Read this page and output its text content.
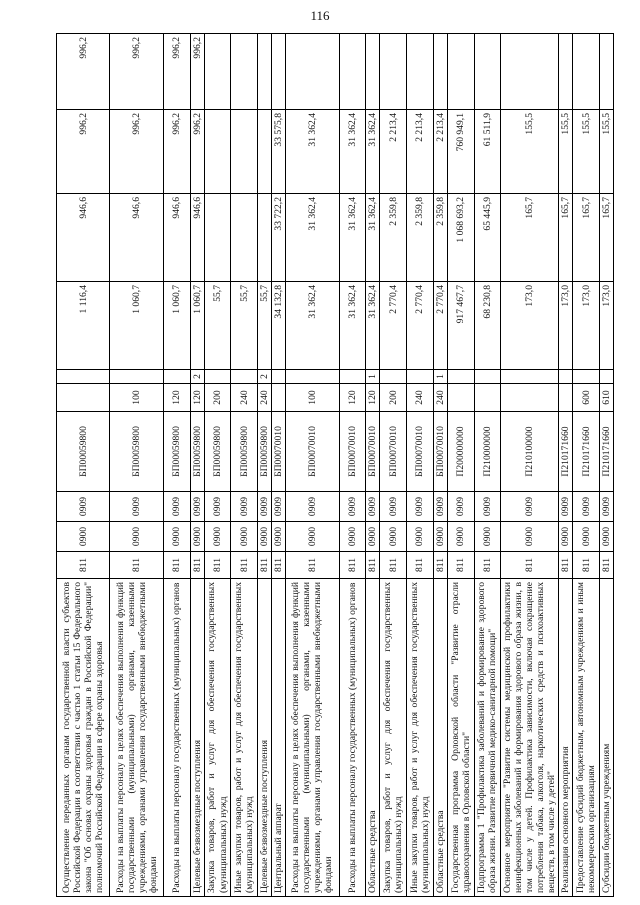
116
Осуществление переданных органам государственной власти субъектов Российской Федерации в соответствии с частью 1 статьи 15 Федерального закона "Об основах охраны здоровья граждан в Российской Федерации" полномочий Российской Федерации в сфере охраны здоровья	811	0900	0909	БП00059800			1 116,4	946,6	996,2	996,2
Расходы на выплаты персоналу в целях обеспечения выполнения функций государственными (муниципальными) органами, казенными учреждениями, органами управления государственными внебюджетными фондами	811	0900	0909	БП00059800	100		1 060,7	946,6	996,2	996,2
Расходы на выплаты персоналу государственных (муниципальных) органов	811	0900	0909	БП00059800	120		1 060,7	946,6	996,2	996,2
Целевые безвозмездные поступления	811	0900	0909	БП00059800	120	2	1 060,7	946,6	996,2	996,2
Закупка товаров, работ и услуг для обеспечения государственных (муниципальных) нужд	811	0900	0909	БП00059800	200		55,7			
Иные закупки товаров, работ и услуг для обеспечения государственных (муниципальных) нужд	811	0900	0909	БП00059800	240		55,7			
Целевые безвозмездные поступления	811	0900	0909	БП00059800	240	2	55,7			
Центральный аппарат	811	0900	0909	БП00070010			34 132,8	33 722,2	33 575,8	
Расходы на выплаты персоналу в целях обеспечения выполнения функций государственными (муниципальными) органами, казенными учреждениями, органами управления государственными внебюджетными фондами	811	0900	0909	БП00070010	100		31 362,4	31 362,4	31 362,4	
Расходы на выплаты персоналу государственных (муниципальных) органов	811	0900	0909	БП00070010	120		31 362,4	31 362,4	31 362,4	
Областные средства	811	0900	0909	БП00070010	120	1	31 362,4	31 362,4	31 362,4	
Закупка товаров, работ и услуг для обеспечения государственных (муниципальных) нужд	811	0900	0909	БП00070010	200		2 770,4	2 359,8	2 213,4	
Иные закупки товаров, работ и услуг для обеспечения государственных (муниципальных) нужд	811	0900	0909	БП00070010	240		2 770,4	2 359,8	2 213,4	
Областные средства	811	0900	0909	БП00070010	240	1	2 770,4	2 359,8	2 213,4	
Государственная программа Орловской области "Развитие отрасли здравоохранения в Орловской области"	811	0900	0909	П200000000			917 467,7	1 068 693,2	760 949,1	
Подпрограмма 1 "Профилактика заболеваний и формирование здорового образа жизни. Развитие первичной медико-санитарной помощи"	811	0900	0909	П210000000			68 230,8	65 445,9	61 511,9	
Основное мероприятие "Развитие системы медицинской профилактики неинфекционных заболеваний и формирования здорового образа жизни, в том числе у детей. Профилактика зависимости, включая сокращение потребления табака, алкоголя, наркотических средств и психоактивных веществ, в том числе у детей"	811	0900	0909	П210100000			173,0	165,7	155,5	
Реализация основного мероприятия	811	0900	0909	П210171660			173,0	165,7	155,5	
Предоставление субсидий бюджетным, автономным учреждениям и иным некоммерческим организациям	811	0900	0909	П210171660	600		173,0	165,7	155,5	
Субсидии бюджетным учреждениям	811	0900	0909	П210171660	610		173,0	165,7	155,5	
